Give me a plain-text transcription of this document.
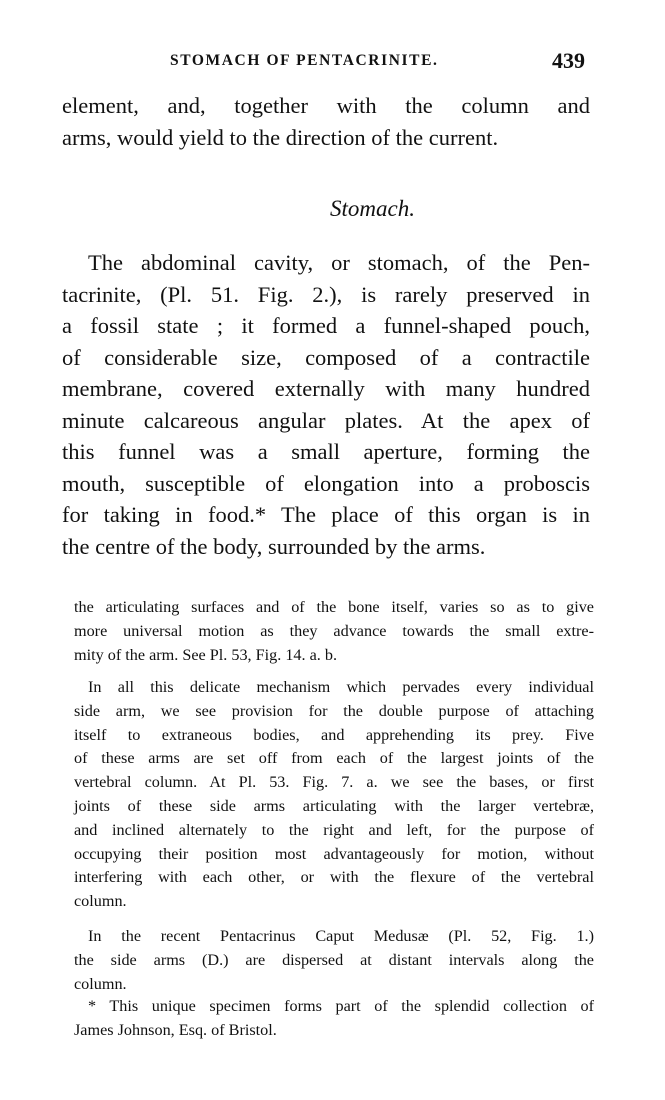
STOMACH OF PENTACRINITE.	439
element, and, together with the column and
arms, would yield to the direction of the current.
Stomach.
The abdominal cavity, or stomach, of the Pen-
tacrinite, (Pl. 51. Fig. 2.), is rarely preserved in
a fossil state ; it formed a funnel-shaped pouch,
of considerable size, composed of a contractile
membrane, covered externally with many hundred
minute calcareous angular plates. At the apex of
this funnel was a small aperture, forming the
mouth, susceptible of elongation into a proboscis
for taking in food.* The place of this organ is in
the centre of the body, surrounded by the arms.
the articulating surfaces and of the bone itself, varies so as to give
more universal motion as they advance towards the small extre-
mity of the arm. See Pl. 53, Fig. 14. a. b.
In all this delicate mechanism which pervades every individual
side arm, we see provision for the double purpose of attaching
itself to extraneous bodies, and apprehending its prey. Five
of these arms are set off from each of the largest joints of the
vertebral column. At Pl. 53. Fig. 7. a. we see the bases, or first
joints of these side arms articulating with the larger vertebræ,
and inclined alternately to the right and left, for the purpose of
occupying their position most advantageously for motion, without
interfering with each other, or with the flexure of the vertebral
column.
In the recent Pentacrinus Caput Medusæ (Pl. 52, Fig. 1.)
the side arms (D.) are dispersed at distant intervals along the
column.
* This unique specimen forms part of the splendid collection of
James Johnson, Esq. of Bristol.
